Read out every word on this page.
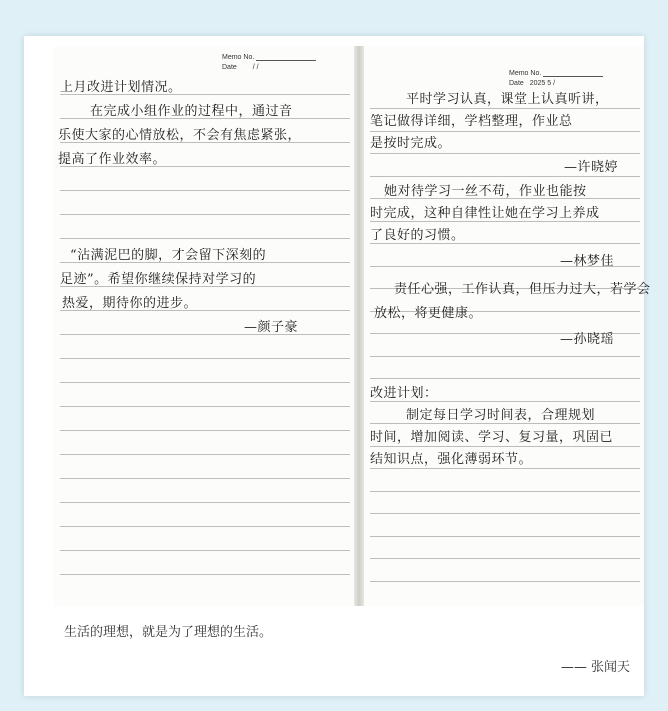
Memo No.
Date / /
Memo No.
Date 2025 5 /
上月改进计划情况。
在完成小组作业的过程中，通过音
乐使大家的心情放松，不会有焦虑紧张，
提高了作业效率。
“沾满泥巴的脚，才会留下深刻的
足迹”。希望你继续保持对学习的
热爱，期待你的进步。
—颜子豪
平时学习认真，课堂上认真听讲，
笔记做得详细，学档整理，作业总
是按时完成。
—许晓婷
她对待学习一丝不苟，作业也能按
时完成，这种自律性让她在学习上养成
了良好的习惯。
—林梦佳
责任心强，工作认真，但压力过大，若学会
放松，将更健康。
—孙晓瑶
改进计划：
制定每日学习时间表，合理规划
时间，增加阅读、学习、复习量，巩固已
结知识点，强化薄弱环节。
生活的理想，就是为了理想的生活。
—— 张闻天
